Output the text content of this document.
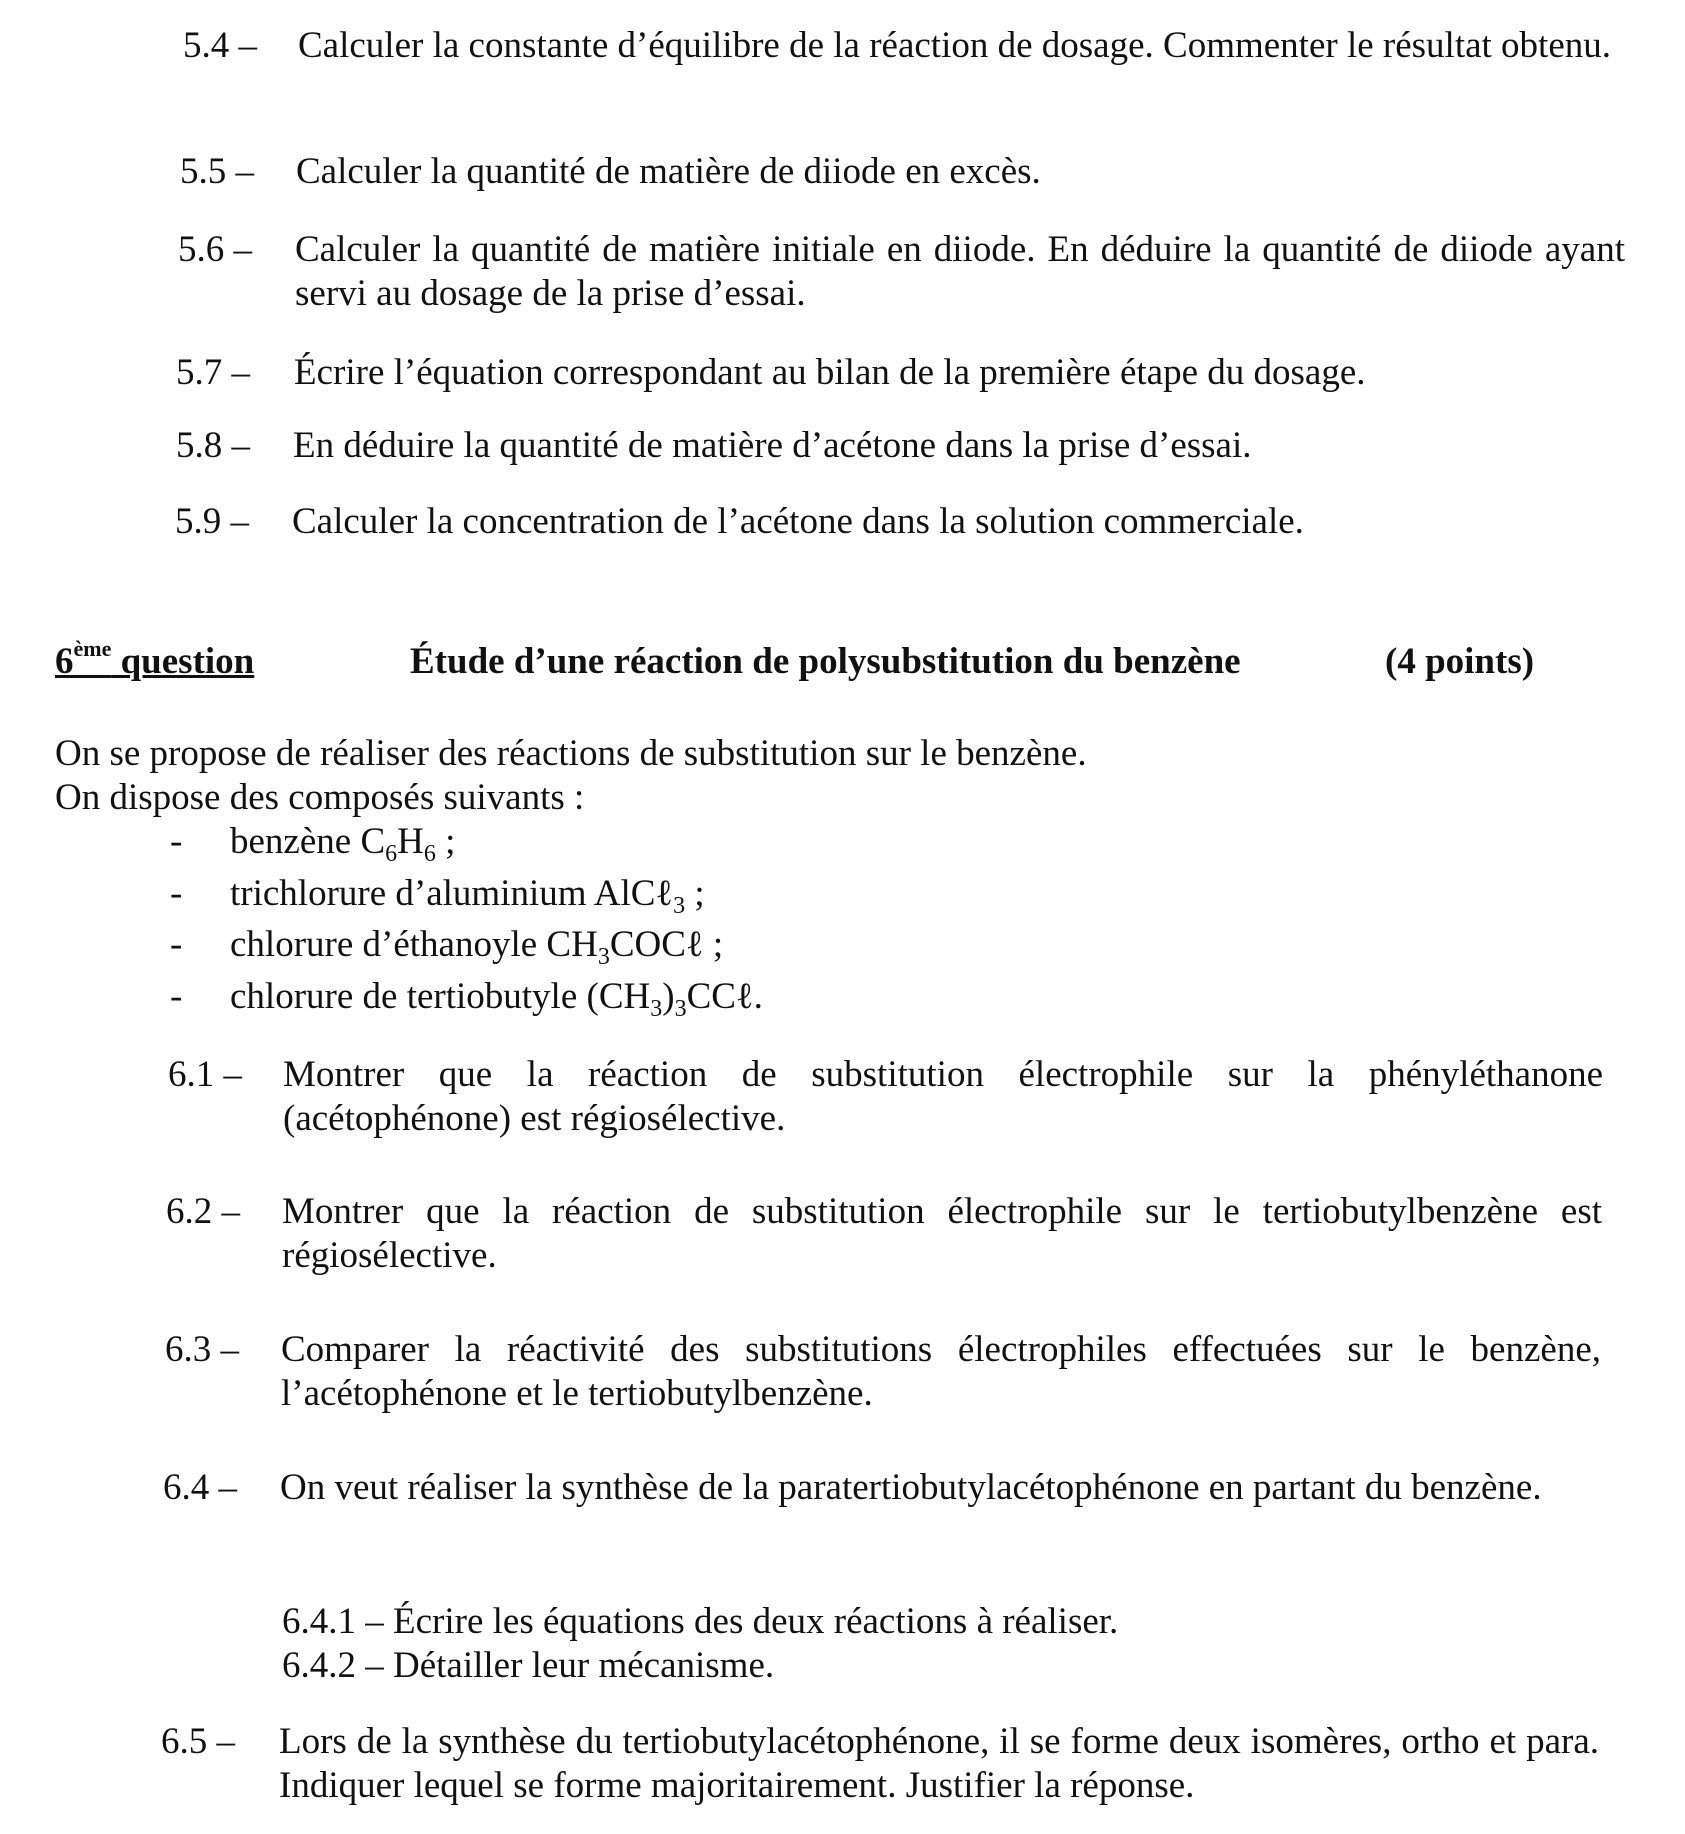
5.4 – Calculer la constante d’équilibre de la réaction de dosage. Commenter le résultat obtenu.
5.5 – Calculer la quantité de matière de diiode en excès.
5.6 – Calculer la quantité de matière initiale en diiode. En déduire la quantité de diiode ayant servi au dosage de la prise d’essai.
5.7 – Écrire l’équation correspondant au bilan de la première étape du dosage.
5.8 – En déduire la quantité de matière d’acétone dans la prise d’essai.
5.9 – Calculer la concentration de l’acétone dans la solution commerciale.
6ème question	Étude d’une réaction de polysubstitution du benzène	(4 points)
On se propose de réaliser des réactions de substitution sur le benzène.
On dispose des composés suivants :
- benzène $C_6H_6$ ;
- trichlorure d’aluminium AlCℓ$_3$ ;
- chlorure d’éthanoyle $CH_3COC\ell$ ;
- chlorure de tertiobutyle $(CH_3)_3CC\ell$.
6.1 – Montrer que la réaction de substitution électrophile sur la phényléthanone (acétophénone) est régiosélective.
6.2 – Montrer que la réaction de substitution électrophile sur le tertiobutylbenzène est régiosélective.
6.3 – Comparer la réactivité des substitutions électrophiles effectuées sur le benzène, l’acétophénone et le tertiobutylbenzène.
6.4 – On veut réaliser la synthèse de la paratertiobutylacétophénone en partant du benzène.
6.4.1 – Écrire les équations des deux réactions à réaliser.
6.4.2 – Détailler leur mécanisme.
6.5 – Lors de la synthèse du tertiobutylacétophénone, il se forme deux isomères, ortho et para. Indiquer lequel se forme majoritairement. Justifier la réponse.
